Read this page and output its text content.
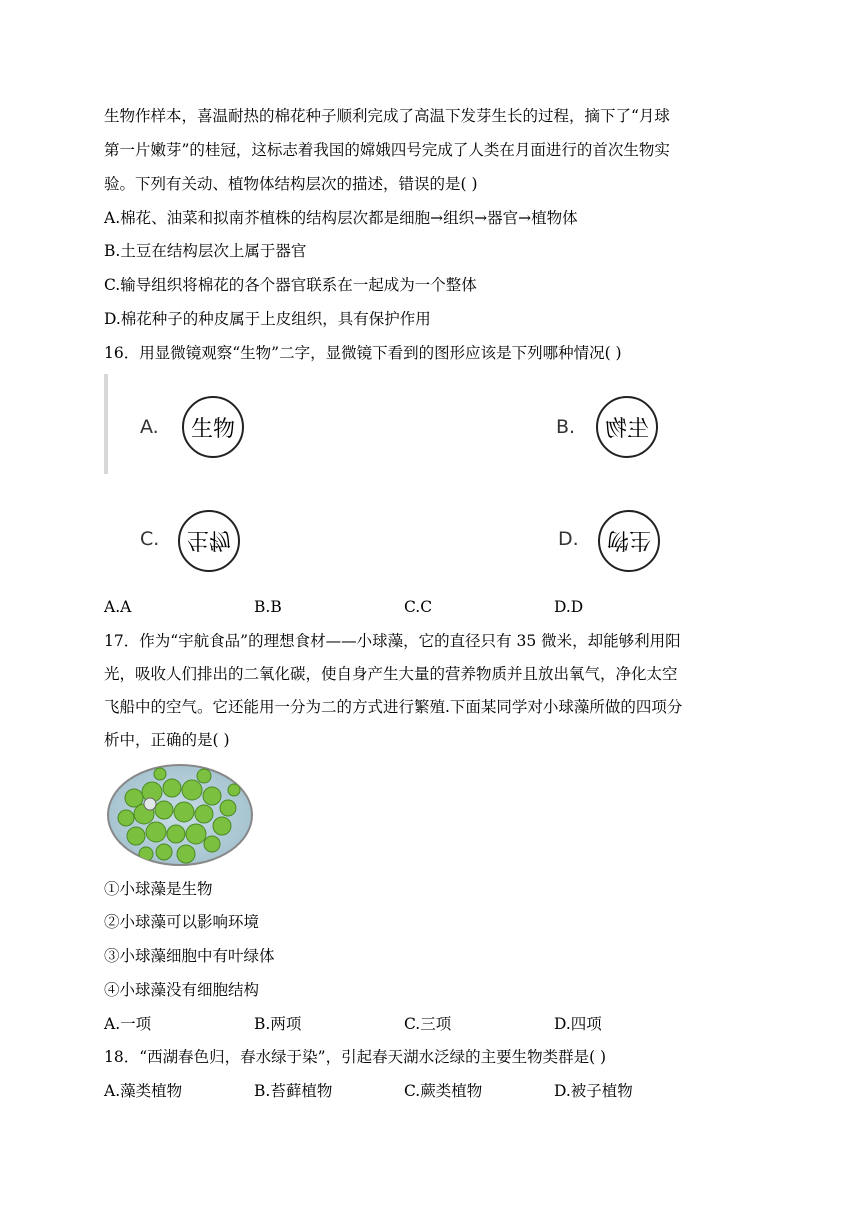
生物作样本，喜温耐热的棉花种子顺利完成了高温下发芽生长的过程，摘下了“月球
第一片嫩芽”的桂冠，这标志着我国的嫦娥四号完成了人类在月面进行的首次生物实
验。下列有关动、植物体结构层次的描述，错误的是( )
A.棉花、油菜和拟南芥植株的结构层次都是细胞→组织→器官→植物体
B.土豆在结构层次上属于器官
C.输导组织将棉花的各个器官联系在一起成为一个整体
D.棉花种子的种皮属于上皮组织，具有保护作用
16．用显微镜观察“生物”二字，显微镜下看到的图形应该是下列哪种情况( )
A. 生物	B. 生物
C. 生物	D. 生物
A.A	B.B	C.C	D.D
17．作为“宇航食品”的理想食材——小球藻，它的直径只有 35 微米，却能够利用阳
光，吸收人们排出的二氧化碳，使自身产生大量的营养物质并且放出氧气，净化太空
飞船中的空气。它还能用一分为二的方式进行繁殖.下面某同学对小球藻所做的四项分
析中，正确的是( )
①小球藻是生物
②小球藻可以影响环境
③小球藻细胞中有叶绿体
④小球藻没有细胞结构
A.一项	B.两项	C.三项	D.四项
18．“西湖春色归，春水绿于染”，引起春天湖水泛绿的主要生物类群是( )
A.藻类植物	B.苔藓植物	C.蕨类植物	D.被子植物
